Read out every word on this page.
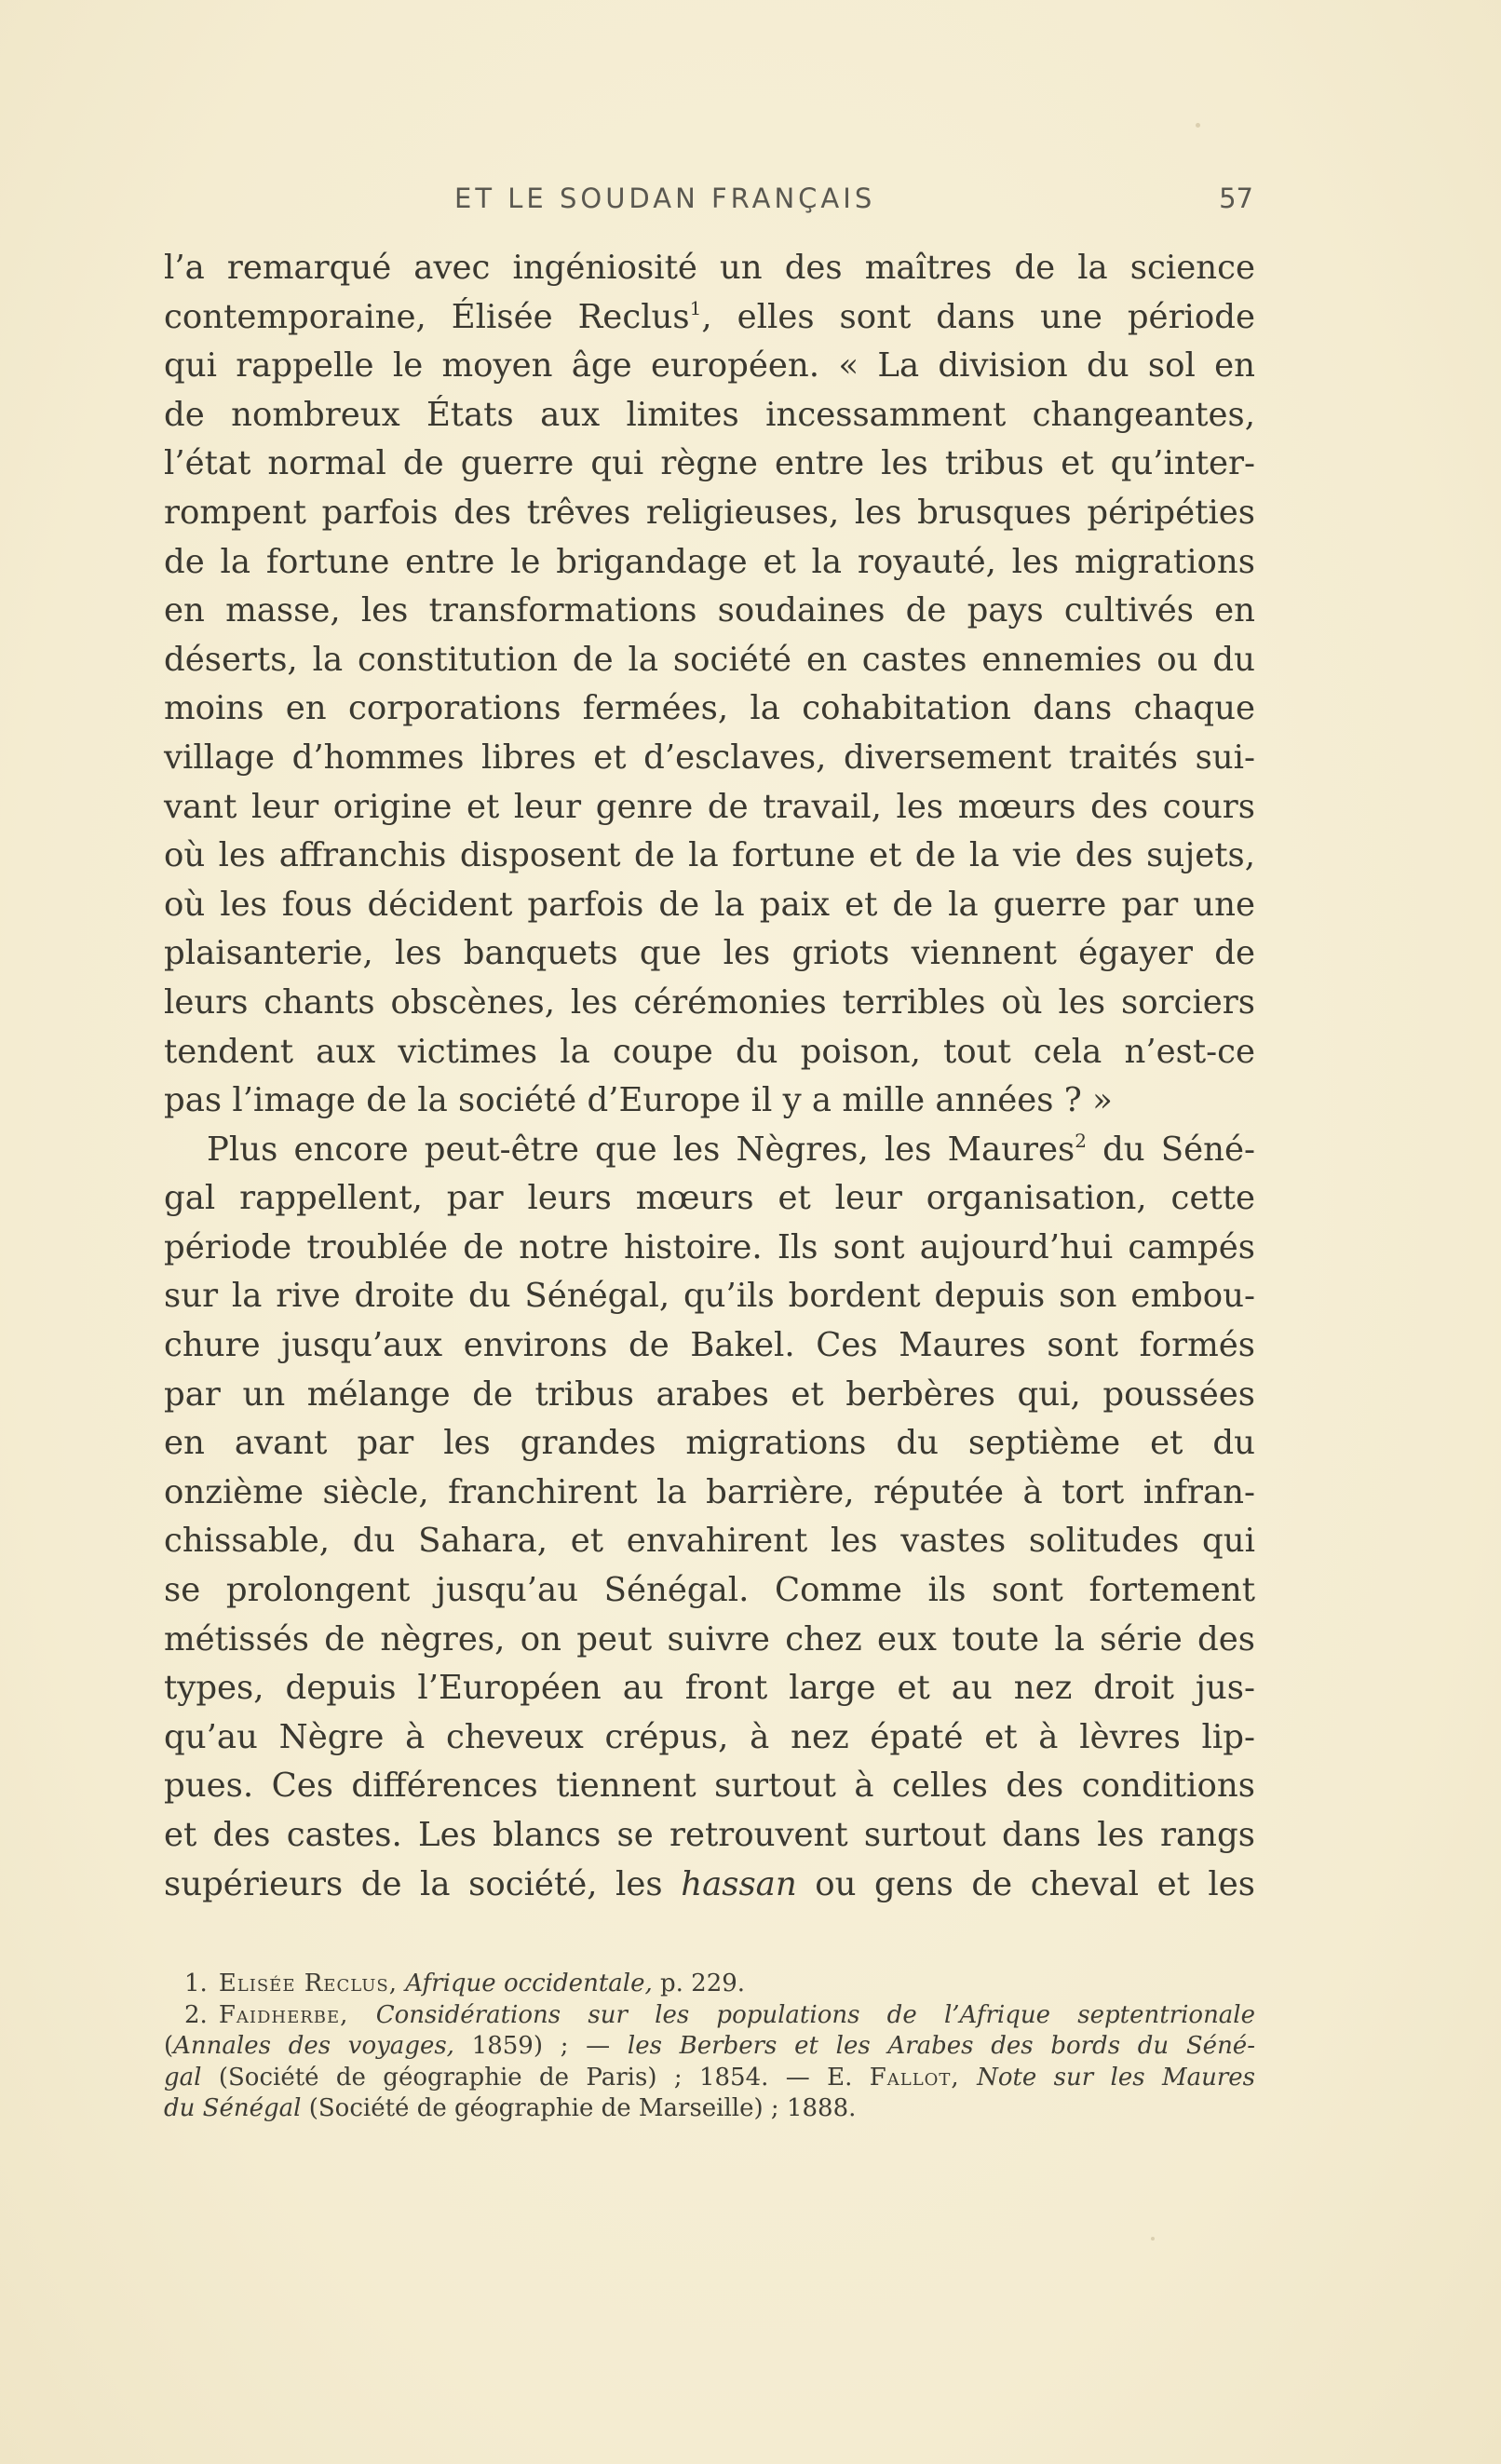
ET LE SOUDAN FRANÇAIS	57
l’a remarqué avec ingéniosité un des maîtres de la science
contemporaine, Élisée Reclus$^1$, elles sont dans une période
qui rappelle le moyen âge européen. « La division du sol en
de nombreux États aux limites incessamment changeantes,
l’état normal de guerre qui règne entre les tribus et qu’inter-
rompent parfois des trêves religieuses, les brusques péripéties
de la fortune entre le brigandage et la royauté, les migrations
en masse, les transformations soudaines de pays cultivés en
déserts, la constitution de la société en castes ennemies ou du
moins en corporations fermées, la cohabitation dans chaque
village d’hommes libres et d’esclaves, diversement traités sui-
vant leur origine et leur genre de travail, les mœurs des cours
où les affranchis disposent de la fortune et de la vie des sujets,
où les fous décident parfois de la paix et de la guerre par une
plaisanterie, les banquets que les griots viennent égayer de
leurs chants obscènes, les cérémonies terribles où les sorciers
tendent aux victimes la coupe du poison, tout cela n’est-ce
pas l’image de la société d’Europe il y a mille années ? »
Plus encore peut-être que les Nègres, les Maures$^2$ du Séné-
gal rappellent, par leurs mœurs et leur organisation, cette
période troublée de notre histoire. Ils sont aujourd’hui campés
sur la rive droite du Sénégal, qu’ils bordent depuis son embou-
chure jusqu’aux environs de Bakel. Ces Maures sont formés
par un mélange de tribus arabes et berbères qui, poussées
en avant par les grandes migrations du septième et du
onzième siècle, franchirent la barrière, réputée à tort infran-
chissable, du Sahara, et envahirent les vastes solitudes qui
se prolongent jusqu’au Sénégal. Comme ils sont fortement
métissés de nègres, on peut suivre chez eux toute la série des
types, depuis l’Européen au front large et au nez droit jus-
qu’au Nègre à cheveux crépus, à nez épaté et à lèvres lip-
pues. Ces différences tiennent surtout à celles des conditions
et des castes. Les blancs se retrouvent surtout dans les rangs
supérieurs de la société, les hassan ou gens de cheval et les
1. Elisée Reclus, Afrique occidentale, p. 229.
2. Faidherbe, Considérations sur les populations de l’Afrique septentrionale
(Annales des voyages, 1859) ; — les Berbers et les Arabes des bords du Séné-
gal (Société de géographie de Paris) ; 1854. — E. Fallot, Note sur les Maures
du Sénégal (Société de géographie de Marseille) ; 1888.
